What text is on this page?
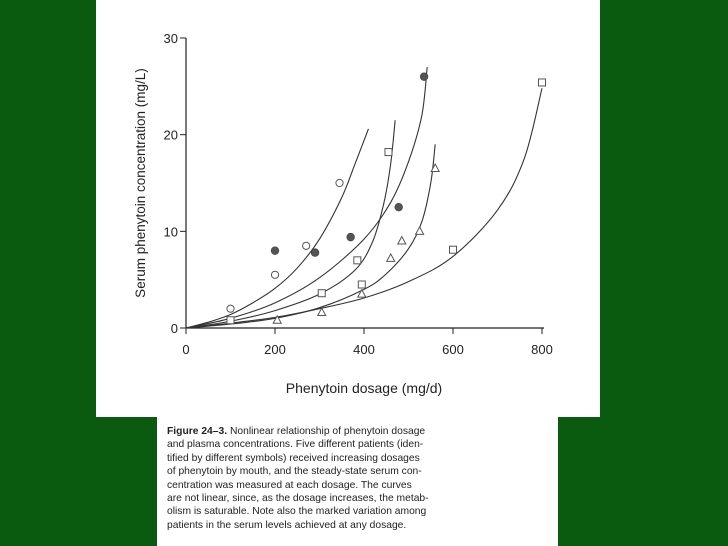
0	200	400	600	800
0
10
20
30
Phenytoin dosage (mg/d)
Serum phenytoin concentration (mg/L)

Figure 24–3. Nonlinear relationship of phenytoin dosage
and plasma concentrations. Five different patients (iden-
tified by different symbols) received increasing dosages
of phenytoin by mouth, and the steady-state serum con-
centration was measured at each dosage. The curves
are not linear, since, as the dosage increases, the metab-
olism is saturable. Note also the marked variation among
patients in the serum levels achieved at any dosage.
